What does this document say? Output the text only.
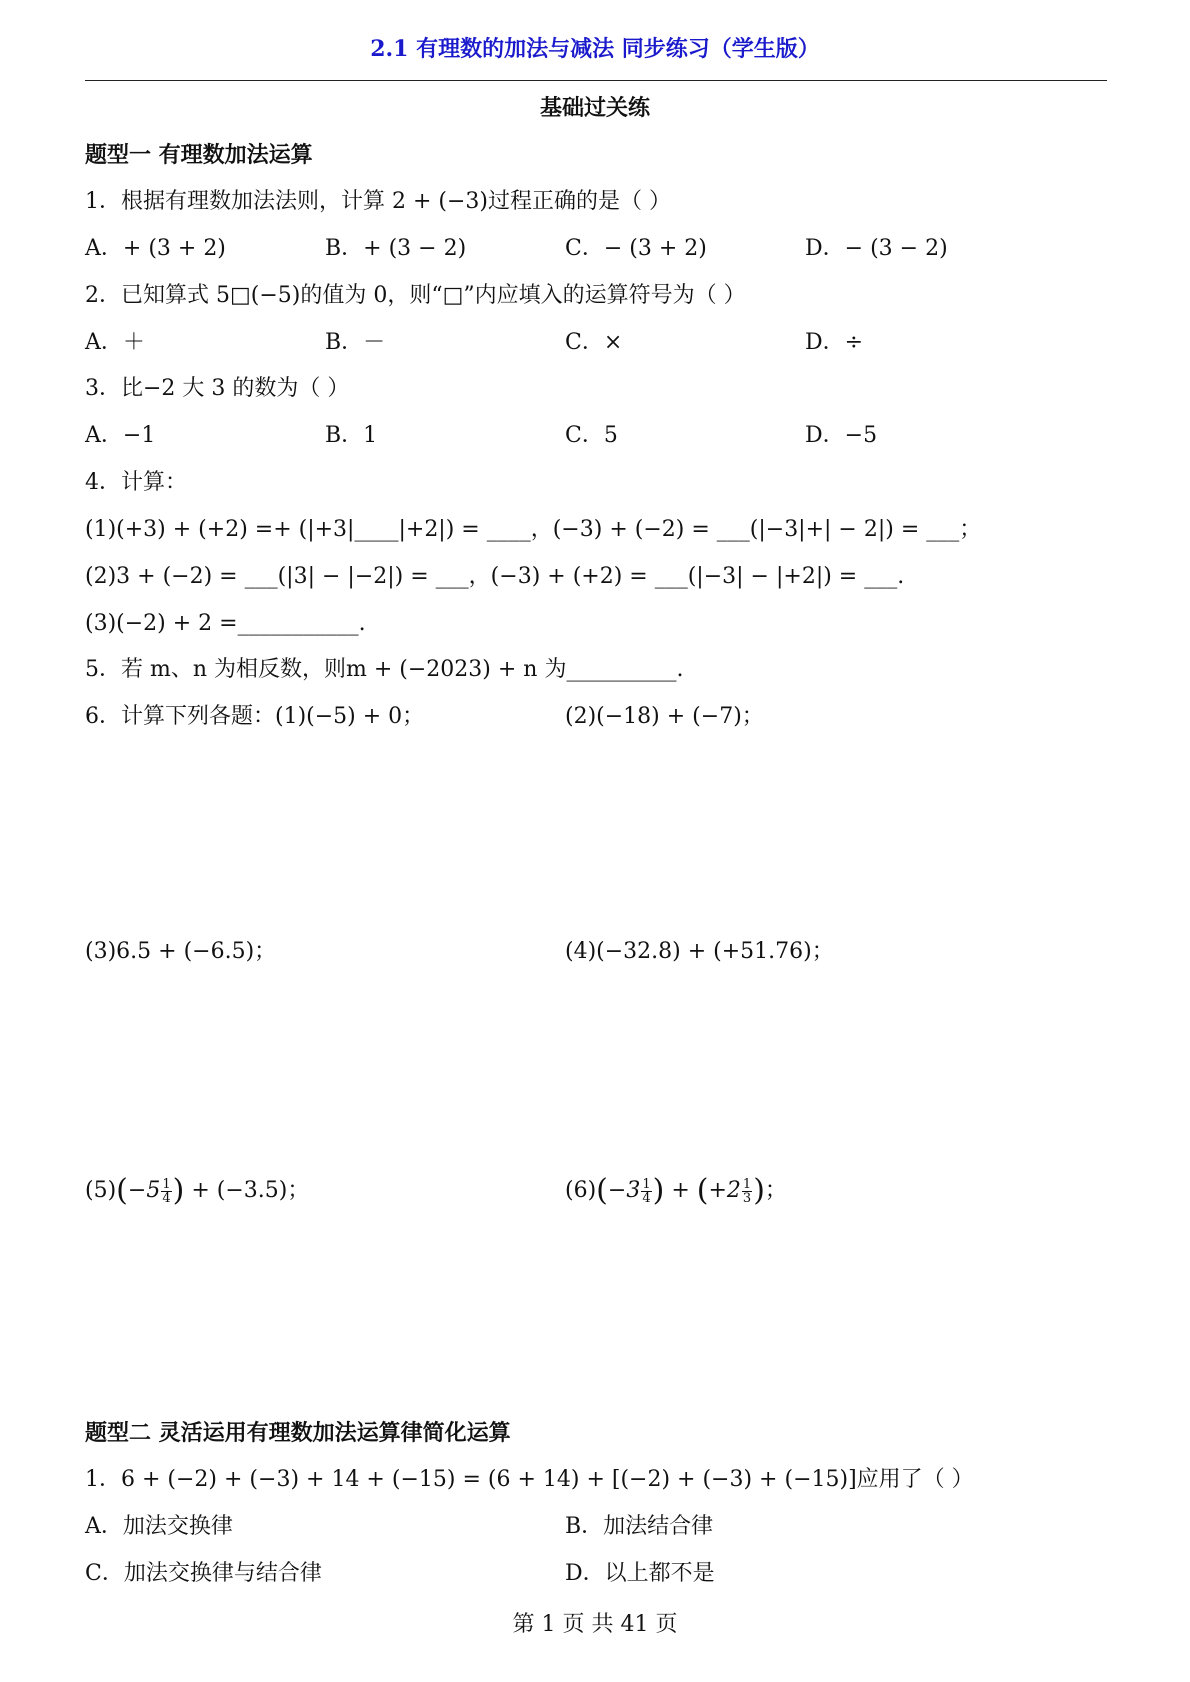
2.1 有理数的加法与减法 同步练习（学生版）
基础过关练
题型一 有理数加法运算
1．根据有理数加法法则，计算 2 + (−3)过程正确的是（ ）
A．+ (3 + 2)	B．+ (3 − 2)	C．− (3 + 2)	D．− (3 − 2)
2．已知算式 5□(−5)的值为 0，则“□”内应填入的运算符号为（ ）
A．＋	B．－	C．×	D．÷
3．比−2 大 3 的数为（ ）
A．−1	B．1	C．5	D．−5
4．计算：
(1)(+3) + (+2) =+ (|+3|____|+2|) = ____，(−3) + (−2) = ___(|−3|+| − 2|) = ___；
(2)3 + (−2) = ___(|3| − |−2|) = ___，(−3) + (+2) = ___(|−3| − |+2|) = ___.
(3)(−2) + 2 =___________.
5．若 m、n 为相反数，则m + (−2023) + n 为__________.
6．计算下列各题：(1)(−5) + 0；	(2)(−18) + (−7)；
(3)6.5 + (−6.5)；	(4)(−32.8) + (+51.76)；
$(5)(-5 \frac{1}{4}$ ) + (−3.5)；	$(6)(-3 \frac{1}{4}$ ) + ($+2 \frac{1}{3}$ )；
题型二 灵活运用有理数加法运算律简化运算
1．6 + (−2) + (−3) + 14 + (−15) = (6 + 14) + [(−2) + (−3) + (−15)]应用了（ ）
A．加法交换律	B．加法结合律
C．加法交换律与结合律	D．以上都不是
第 1 页 共 41 页
